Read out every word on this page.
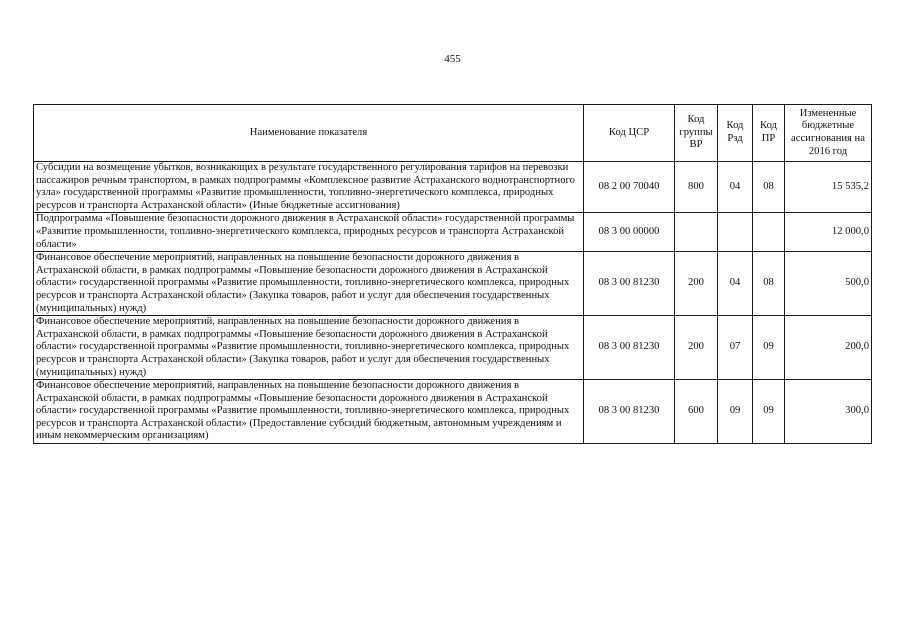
455
Наименование показателя	Код ЦСР	Код группы ВР	Код Рзд	Код ПР	Измененные бюджетные ассигнования на 2016 год
Субсидии на возмещение убытков, возникающих в результате государственного регулирования тарифов на перевозки пассажиров речным транспортом, в рамках подпрограммы «Комплексное развитие Астраханского воднотранспортного узла» государственной программы «Развитие промышленности, топливно-энергетического комплекса, природных ресурсов и транспорта Астраханской области» (Иные бюджетные ассигнования)	08 2 00 70040	800	04	08	15 535,2
Подпрограмма «Повышение безопасности дорожного движения в Астраханской области» государственной программы «Развитие промышленности, топливно-энергетического комплекса, природных ресурсов и транспорта Астраханской области»	08 3 00 00000				12 000,0
Финансовое обеспечение мероприятий, направленных на повышение безопасности дорожного движения в Астраханской области, в рамках подпрограммы «Повышение безопасности дорожного движения в Астраханской области» государственной программы «Развитие промышленности, топливно-энергетического комплекса, природных ресурсов и транспорта Астраханской области» (Закупка товаров, работ и услуг для обеспечения государственных (муниципальных) нужд)	08 3 00 81230	200	04	08	500,0
Финансовое обеспечение мероприятий, направленных на повышение безопасности дорожного движения в Астраханской области, в рамках подпрограммы «Повышение безопасности дорожного движения в Астраханской области» государственной программы «Развитие промышленности, топливно-энергетического комплекса, природных ресурсов и транспорта Астраханской области» (Закупка товаров, работ и услуг для обеспечения государственных (муниципальных) нужд)	08 3 00 81230	200	07	09	200,0
Финансовое обеспечение мероприятий, направленных на повышение безопасности дорожного движения в Астраханской области, в рамках подпрограммы «Повышение безопасности дорожного движения в Астраханской области» государственной программы «Развитие промышленности, топливно-энергетического комплекса, природных ресурсов и транспорта Астраханской области» (Предоставление субсидий бюджетным, автономным учреждениям и иным некоммерческим организациям)	08 3 00 81230	600	09	09	300,0
